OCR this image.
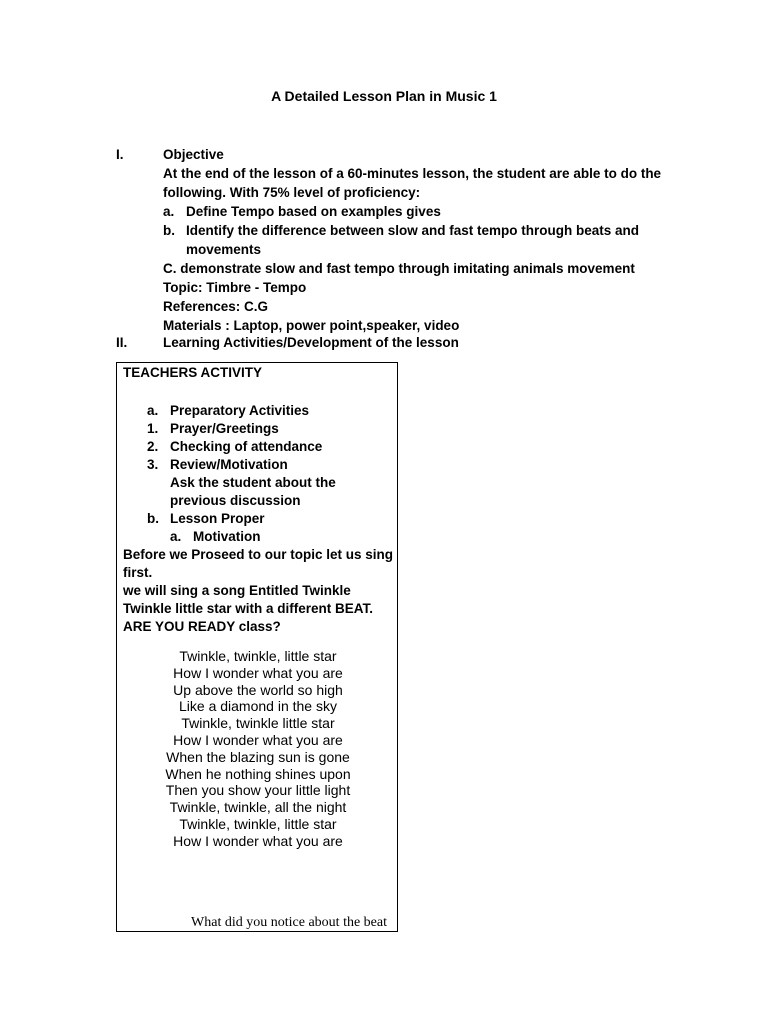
A Detailed Lesson Plan in Music 1
I.	Objective
At the end of the lesson of a 60-minutes lesson, the student are able to do the following. With 75% level of proficiency:
a. Define Tempo based on examples gives
b. Identify the difference between slow and fast tempo through beats and movements
C. demonstrate slow and fast tempo through imitating animals movement
Topic: Timbre - Tempo
References: C.G
Materials : Laptop, power point,speaker, video
II.	Learning Activities/Development of the lesson
TEACHERS ACTIVITY
a. Preparatory Activities
1. Prayer/Greetings
2. Checking of attendance
3. Review/Motivation
Ask the student about the previous discussion
b. Lesson Proper
a. Motivation
Before we Proseed to our topic let us sing first.
we will sing a song Entitled Twinkle Twinkle little star with a different BEAT.
ARE YOU READY class?
Twinkle, twinkle, little star
How I wonder what you are
Up above the world so high
Like a diamond in the sky
Twinkle, twinkle little star
How I wonder what you are
When the blazing sun is gone
When he nothing shines upon
Then you show your little light
Twinkle, twinkle, all the night
Twinkle, twinkle, little star
How I wonder what you are
What did you notice about the beat
